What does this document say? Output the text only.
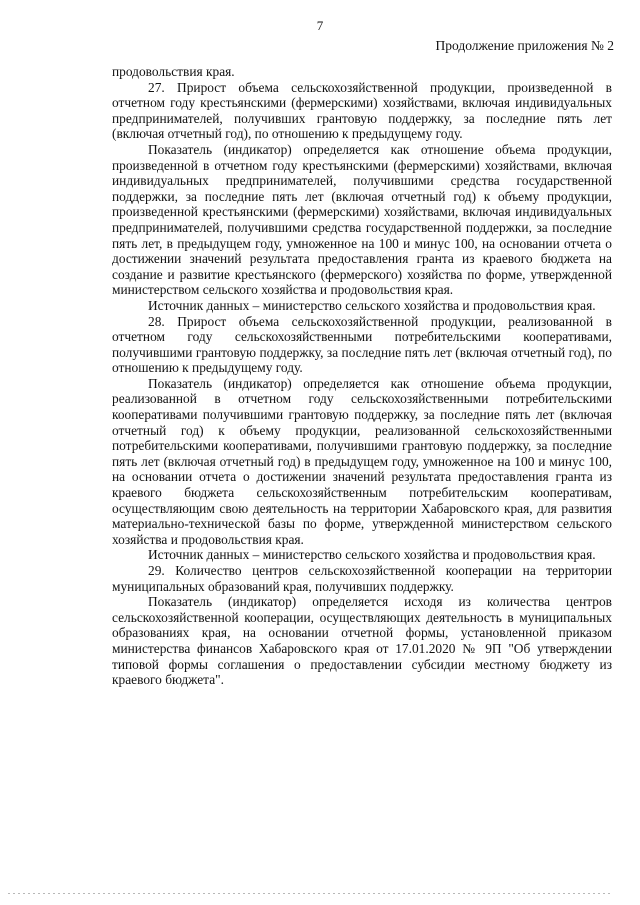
7
Продолжение приложения № 2

продовольствия края.

27. Прирост объема сельскохозяйственной продукции, произведенной в отчетном году крестьянскими (фермерскими) хозяйствами, включая индивидуальных предпринимателей, получивших грантовую поддержку, за последние пять лет (включая отчетный год), по отношению к предыдущему году.

Показатель (индикатор) определяется как отношение объема продукции, произведенной в отчетном году крестьянскими (фермерскими) хозяйствами, включая индивидуальных предпринимателей, получившими средства государственной поддержки, за последние пять лет (включая отчетный год) к объему продукции, произведенной крестьянскими (фермерскими) хозяйствами, включая индивидуальных предпринимателей, получившими средства государственной поддержки, за последние пять лет, в предыдущем году, умноженное на 100 и минус 100, на основании отчета о достижении значений результата предоставления гранта из краевого бюджета на создание и развитие крестьянского (фермерского) хозяйства по форме, утвержденной министерством сельского хозяйства и продовольствия края.

Источник данных – министерство сельского хозяйства и продовольствия края.

28. Прирост объема сельскохозяйственной продукции, реализованной в отчетном году сельскохозяйственными потребительскими кооперативами, получившими грантовую поддержку, за последние пять лет (включая отчетный год), по отношению к предыдущему году.

Показатель (индикатор) определяется как отношение объема продукции, реализованной в отчетном году сельскохозяйственными потребительскими кооперативами получившими грантовую поддержку, за последние пять лет (включая отчетный год) к объему продукции, реализованной сельскохозяйственными потребительскими кооперативами, получившими грантовую поддержку, за последние пять лет (включая отчетный год) в предыдущем году, умноженное на 100 и минус 100, на основании отчета о достижении значений результата предоставления гранта из краевого бюджета сельскохозяйственным потребительским кооперативам, осуществляющим свою деятельность на территории Хабаровского края, для развития материально-технической базы по форме, утвержденной министерством сельского хозяйства и продовольствия края.

Источник данных – министерство сельского хозяйства и продовольствия края.

29. Количество центров сельскохозяйственной кооперации на территории муниципальных образований края, получивших поддержку.

Показатель (индикатор) определяется исходя из количества центров сельскохозяйственной кооперации, осуществляющих деятельность в муниципальных образованиях края, на основании отчетной формы, установленной приказом министерства финансов Хабаровского края от 17.01.2020 № 9П "Об утверждении типовой формы соглашения о предоставлении субсидии местному бюджету из краевого бюджета".
